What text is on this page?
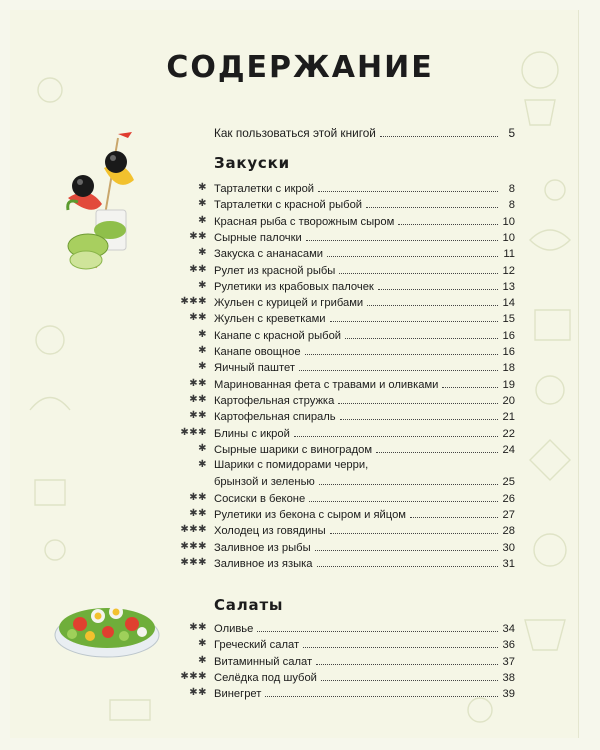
СОДЕРЖАНИЕ
Как пользоваться этой книгой	5
Закуски
✱ Тарталетки с икрой	8
✱ Тарталетки с красной рыбой	8
✱ Красная рыба с творожным сыром	10
✱✱ Сырные палочки	10
✱ Закуска с ананасами	11
✱✱ Рулет из красной рыбы	12
✱ Рулетики из крабовых палочек	13
✱✱✱ Жульен с курицей и грибами	14
✱✱ Жульен с креветками	15
✱ Канапе с красной рыбой	16
✱ Канапе овощное	16
✱ Яичный паштет	18
✱✱ Маринованная фета с травами и оливками	19
✱✱ Картофельная стружка	20
✱✱ Картофельная спираль	21
✱✱✱ Блины с икрой	22
✱ Сырные шарики с виноградом	24
✱ Шарики с помидорами черри,
брынзой и зеленью	25
✱✱ Сосиски в беконе	26
✱✱ Рулетики из бекона с сыром и яйцом	27
✱✱✱ Холодец из говядины	28
✱✱✱ Заливное из рыбы	30
✱✱✱ Заливное из языка	31
Салаты
✱✱ Оливье	34
✱ Греческий салат	36
✱ Витаминный салат	37
✱✱✱ Селёдка под шубой	38
✱✱ Винегрет	39
